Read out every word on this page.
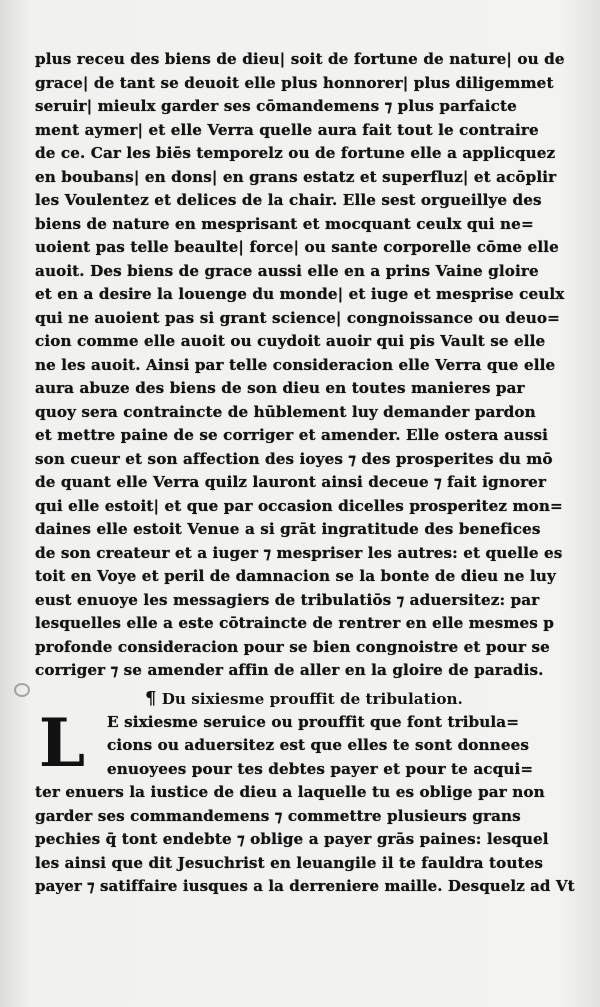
plus receu des biens de dieu| soit de fortune de nature| ou de
grace| de tant se deuoit elle plus honnorer| plus diligemmet
seruir| mieulx garder ses cōmandemens ⁊ plus parfaicte
ment aymer| et elle Verra quelle aura fait tout le contraire
de ce. Car les biēs temporelz ou de fortune elle a applicquez
en boubans| en dons| en grans estatz et superfluz| et acōplir
les Voulentez et delices de la chair. Elle sest orgueillye des
biens de nature en mesprisant et mocquant ceulx qui ne=
uoient pas telle beaulte| force| ou sante corporelle cōme elle
auoit. Des biens de grace aussi elle en a prins Vaine gloire
et en a desire la louenge du monde| et iuge et mesprise ceulx
qui ne auoient pas si grant science| congnoissance ou deuo=
cion comme elle auoit ou cuydoit auoir qui pis Vault se elle
ne les auoit. Ainsi par telle consideracion elle Verra que elle
aura abuze des biens de son dieu en toutes manieres par
quoy sera contraincte de hūblement luy demander pardon
et mettre paine de se corriger et amender. Elle ostera aussi
son cueur et son affection des ioyes ⁊ des prosperites du mō
de quant elle Verra quilz lauront ainsi deceue ⁊ fait ignorer
qui elle estoit| et que par occasion dicelles prosperitez mon=
daines elle estoit Venue a si grāt ingratitude des benefices
de son createur et a iuger ⁊ mespriser les autres: et quelle es
toit en Voye et peril de damnacion se la bonte de dieu ne luy
eust enuoye les messagiers de tribulatiōs ⁊ aduersitez: par
lesquelles elle a este cōtraincte de rentrer en elle mesmes p
profonde consideracion pour se bien congnoistre et pour se
corriger ⁊ se amender affin de aller en la gloire de paradis.
¶ Du sixiesme prouffit de tribulation.
L	E sixiesme seruice ou prouffit que font tribula=
cions ou aduersitez est que elles te sont donnees
enuoyees pour tes debtes payer et pour te acqui=
ter enuers la iustice de dieu a laquelle tu es oblige par non
garder ses commandemens ⁊ commettre plusieurs grans
pechies q̄ tont endebte ⁊ oblige a payer grās paines: lesquel
les ainsi que dit Jesuchrist en leuangile il te fauldra toutes
payer ⁊ satiffaire iusques a la derreniere maille. Desquelz ad Vt
